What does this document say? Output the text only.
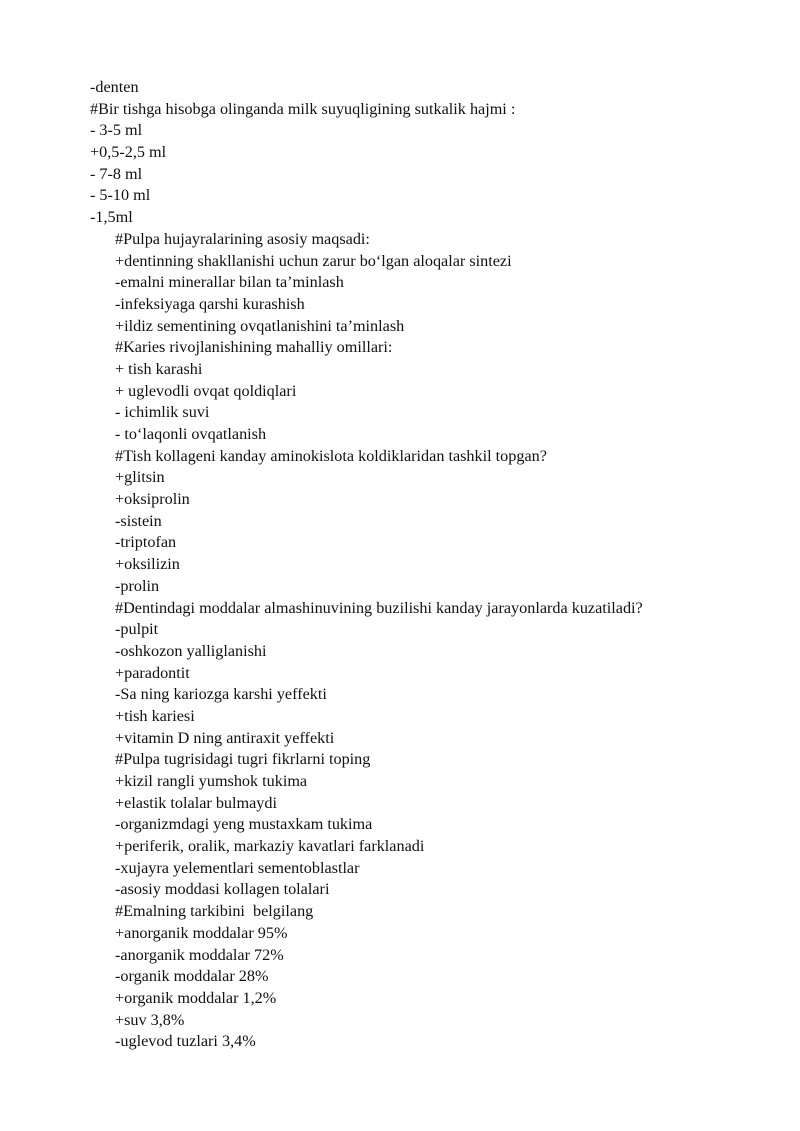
-denten
#Bir tishga hisobga olinganda milk suyuqligining sutkalik hajmi :
- 3-5 ml
+0,5-2,5 ml
- 7-8 ml
- 5-10 ml
-1,5ml
#Pulpa hujayralarining asosiy maqsadi:
+dentinning shakllanishi uchun zarur bo‘lgan aloqalar sintezi
-emalni minerallar bilan ta’minlash
-infeksiyaga qarshi kurashish
+ildiz sementining ovqatlanishini ta’minlash
#Karies rivojlanishining mahalliy omillari:
+ tish karashi
+ uglevodli ovqat qoldiqlari
- ichimlik suvi
- to‘laqonli ovqatlanish
#Tish kollageni kanday aminokislota koldiklaridan tashkil topgan?
+glitsin
+oksiprolin
-sistein
-triptofan
+oksilizin
-prolin
#Dentindagi moddalar almashinuvining buzilishi kanday jarayonlarda kuzatiladi?
-pulpit
-oshkozon yalliglanishi
+paradontit
-Sa ning kariozga karshi yeffekti
+tish kariesi
+vitamin D ning antiraxit yeffekti
#Pulpa tugrisidagi tugri fikrlarni toping
+kizil rangli yumshok tukima
+elastik tolalar bulmaydi
-organizmdagi yeng mustaxkam tukima
+periferik, oralik, markaziy kavatlari farklanadi
-xujayra yelementlari sementoblastlar
-asosiy moddasi kollagen tolalari
#Emalning tarkibini  belgilang
+anorganik moddalar 95%
-anorganik moddalar 72%
-organik moddalar 28%
+organik moddalar 1,2%
+suv 3,8%
-uglevod tuzlari 3,4%
